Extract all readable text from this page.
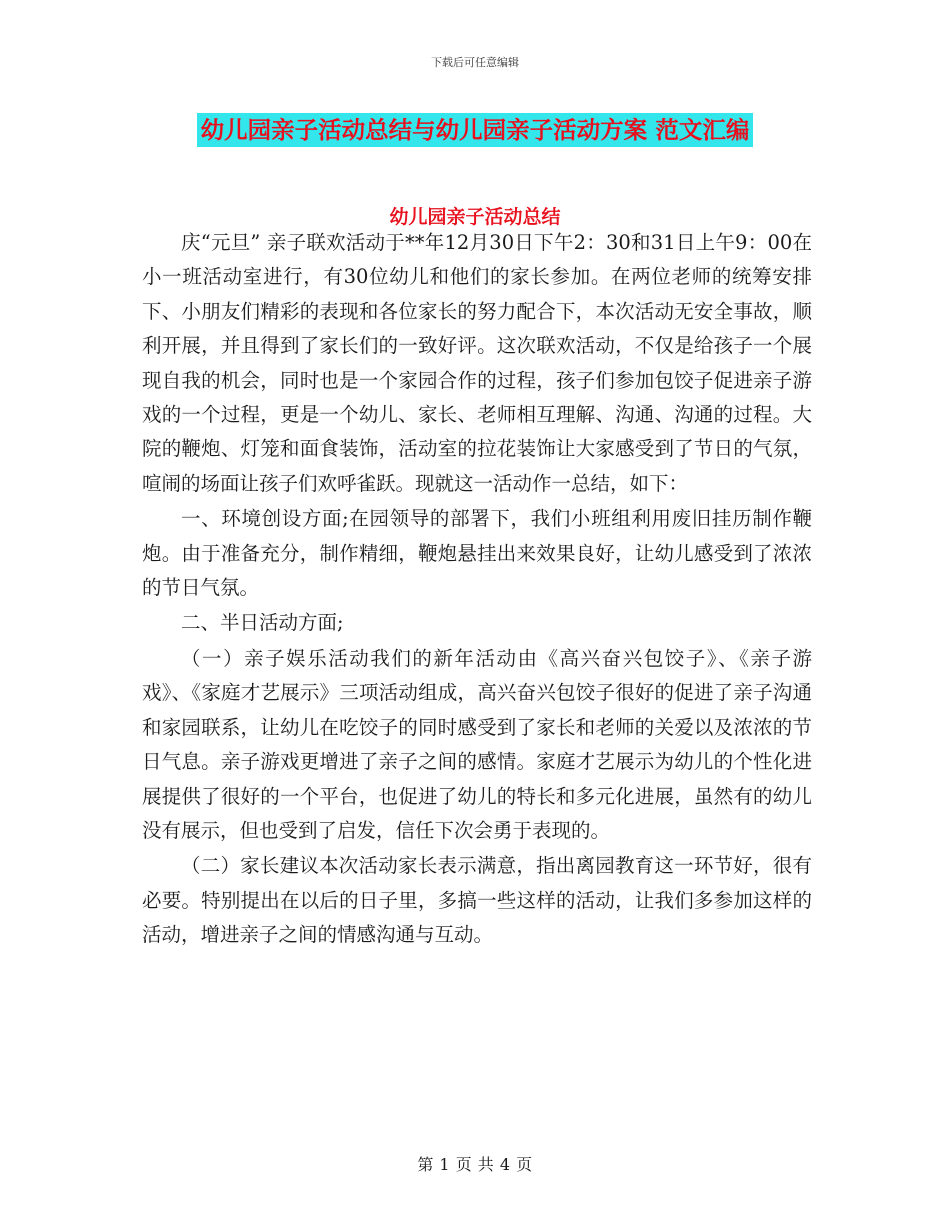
下载后可任意编辑
幼儿园亲子活动总结与幼儿园亲子活动方案 范文汇编
幼儿园亲子活动总结

庆“元旦” 亲子联欢活动于**年12月30日下午2：30和31日上午9：00在小一班活动室进行，有30位幼儿和他们的家长参加。在两位老师的统筹安排下、小朋友们精彩的表现和各位家长的努力配合下，本次活动无安全事故，顺利开展，并且得到了家长们的一致好评。这次联欢活动，不仅是给孩子一个展现自我的机会，同时也是一个家园合作的过程，孩子们参加包饺子促进亲子游戏的一个过程，更是一个幼儿、家长、老师相互理解、沟通、沟通的过程。大院的鞭炮、灯笼和面食装饰，活动室的拉花装饰让大家感受到了节日的气氛，喧闹的场面让孩子们欢呼雀跃。现就这一活动作一总结，如下：

一、环境创设方面;在园领导的部署下，我们小班组利用废旧挂历制作鞭炮。由于准备充分，制作精细，鞭炮悬挂出来效果良好，让幼儿感受到了浓浓的节日气氛。

二、半日活动方面;

（一）亲子娱乐活动我们的新年活动由《高兴奋兴包饺子》、《亲子游戏》、《家庭才艺展示》三项活动组成，高兴奋兴包饺子很好的促进了亲子沟通和家园联系，让幼儿在吃饺子的同时感受到了家长和老师的关爱以及浓浓的节日气息。亲子游戏更增进了亲子之间的感情。家庭才艺展示为幼儿的个性化进展提供了很好的一个平台，也促进了幼儿的特长和多元化进展，虽然有的幼儿没有展示，但也受到了启发，信任下次会勇于表现的。

（二）家长建议本次活动家长表示满意，指出离园教育这一环节好，很有必要。特别提出在以后的日子里，多搞一些这样的活动，让我们多参加这样的活动，增进亲子之间的情感沟通与互动。

第 1 页 共 4 页
